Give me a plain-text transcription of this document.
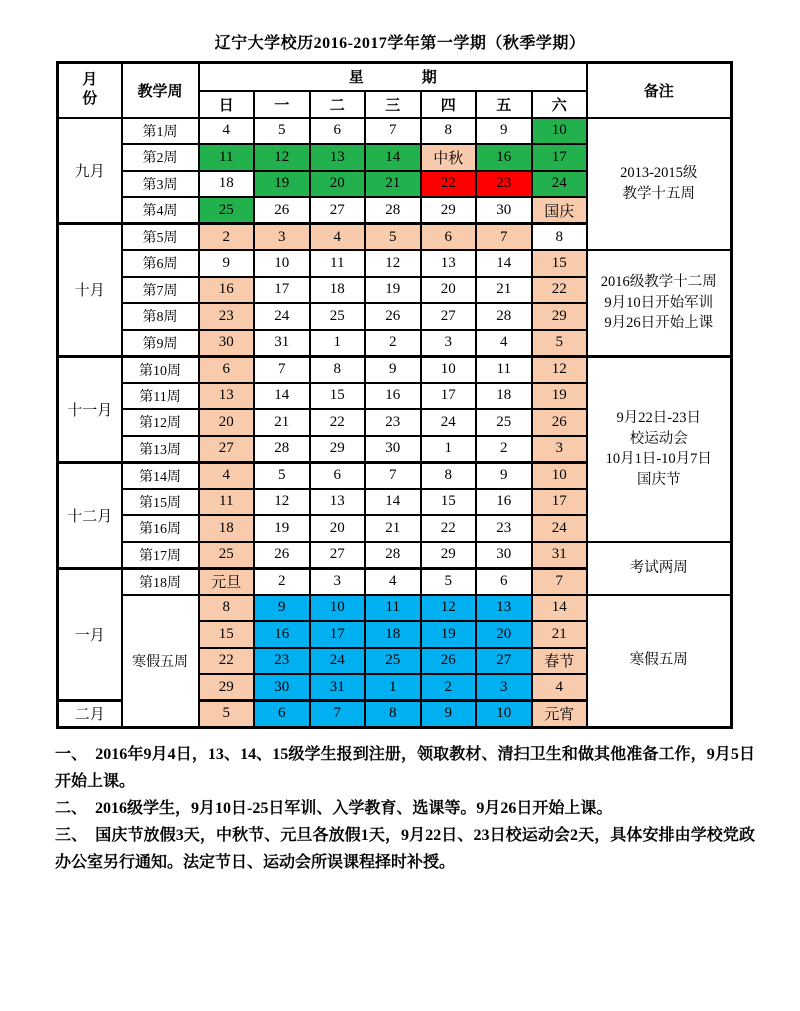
辽宁大学校历2016-2017学年第一学期（秋季学期）
月
份	教学周	
星	期
	备注
		日	一	二	三	四	五	六	
九月	第1周	4	5	6	7	8	9	10	2013-2015级
教学十五周

	第2周	11	12	13	14	中秋	16	17	
	第3周	18	19	20	21	22	23	24	
	第4周	25	26	27	28	29	30	国庆	
十月	第5周	2	3	4	5	6	7	8	
	第6周	9	10	11	12	13	14	15	2016级教学十二周
9月10日开始军训
9月26日开始上课

	第7周	16	17	18	19	20	21	22	
	第8周	23	24	25	26	27	28	29	
	第9周	30	31	1	2	3	4	5	
十一月	第10周	6	7	8	9	10	11	12	9月22日-23日
校运动会
10月1日-10月7日
国庆节

	第11周	13	14	15	16	17	18	19	
	第12周	20	21	22	23	24	25	26	
	第13周	27	28	29	30	1	2	3	
十二月	第14周	4	5	6	7	8	9	10	
	第15周	11	12	13	14	15	16	17	
	第16周	18	19	20	21	22	23	24	
	第17周	25	26	27	28	29	30	31	考试两周

一月	第18周	元旦	2	3	4	5	6	7	
	寒假五周	8	9	10	11	12	13	14	寒假五周

		15	16	17	18	19	20	21	
		22	23	24	25	26	27	春节	
		29	30	31	1	2	3	4	
二月		5	6	7	8	9	10	元宵	

一、　2016年9月4日，13、14、15级学生报到注册，领取教材、清扫卫生和做其他准备工作，9月5日开始上课。

二、　2016级学生，9月10日-25日军训、入学教育、选课等。9月26日开始上课。

三、　国庆节放假3天，中秋节、元旦各放假1天，9月22日、23日校运动会2天，具体安排由学校党政办公室另行通知。法定节日、运动会所误课程择时补授。
